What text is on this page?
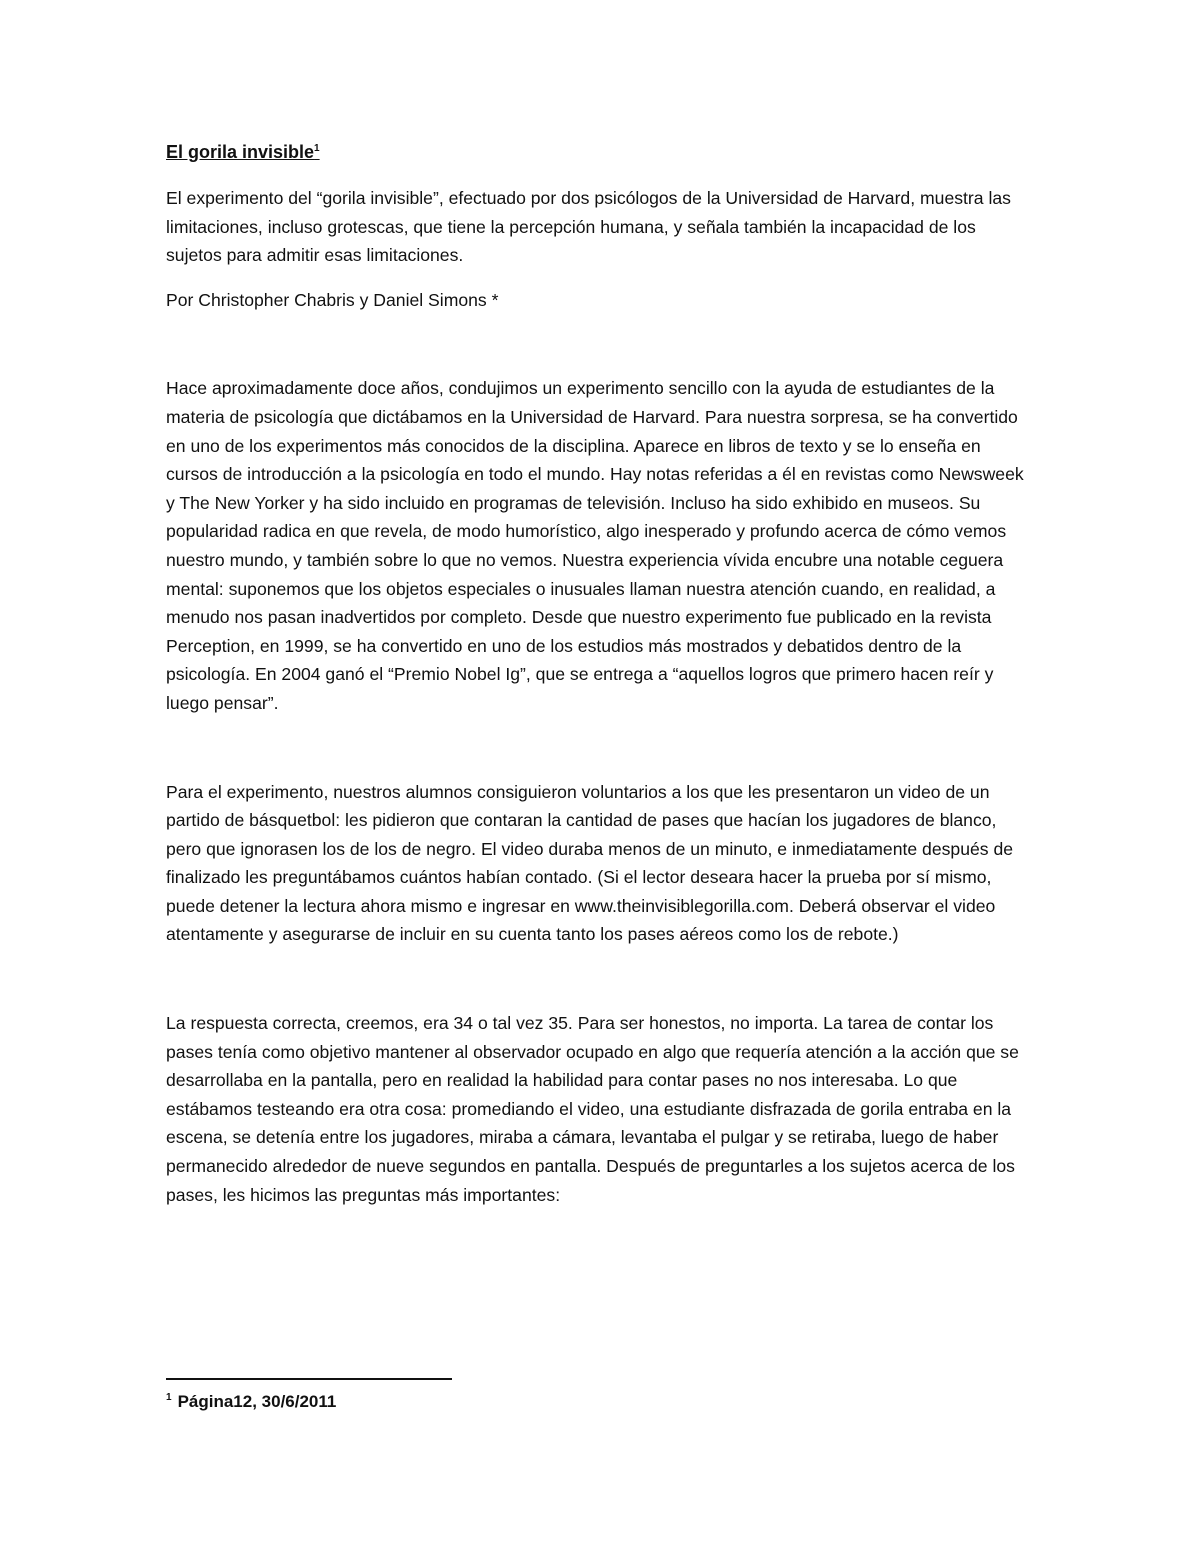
El gorila invisible$^1$

El experimento del “gorila invisible”, efectuado por dos psicólogos de la Universidad de Harvard, muestra las limitaciones, incluso grotescas, que tiene la percepción humana, y señala también la incapacidad de los sujetos para admitir esas limitaciones.

Por Christopher Chabris y Daniel Simons *

Hace aproximadamente doce años, condujimos un experimento sencillo con la ayuda de estudiantes de la materia de psicología que dictábamos en la Universidad de Harvard. Para nuestra sorpresa, se ha convertido en uno de los experimentos más conocidos de la disciplina. Aparece en libros de texto y se lo enseña en cursos de introducción a la psicología en todo el mundo. Hay notas referidas a él en revistas como Newsweek y The New Yorker y ha sido incluido en programas de televisión. Incluso ha sido exhibido en museos. Su popularidad radica en que revela, de modo humorístico, algo inesperado y profundo acerca de cómo vemos nuestro mundo, y también sobre lo que no vemos. Nuestra experiencia vívida encubre una notable ceguera mental: suponemos que los objetos especiales o inusuales llaman nuestra atención cuando, en realidad, a menudo nos pasan inadvertidos por completo. Desde que nuestro experimento fue publicado en la revista Perception, en 1999, se ha convertido en uno de los estudios más mostrados y debatidos dentro de la psicología. En 2004 ganó el “Premio Nobel Ig”, que se entrega a “aquellos logros que primero hacen reír y luego pensar”.

Para el experimento, nuestros alumnos consiguieron voluntarios a los que les presentaron un video de un partido de básquetbol: les pidieron que contaran la cantidad de pases que hacían los jugadores de blanco, pero que ignorasen los de los de negro. El video duraba menos de un minuto, e inmediatamente después de finalizado les preguntábamos cuántos habían contado. (Si el lector deseara hacer la prueba por sí mismo, puede detener la lectura ahora mismo e ingresar en www.theinvisiblegorilla.com. Deberá observar el video atentamente y asegurarse de incluir en su cuenta tanto los pases aéreos como los de rebote.)

La respuesta correcta, creemos, era 34 o tal vez 35. Para ser honestos, no importa. La tarea de contar los pases tenía como objetivo mantener al observador ocupado en algo que requería atención a la acción que se desarrollaba en la pantalla, pero en realidad la habilidad para contar pases no nos interesaba. Lo que estábamos testeando era otra cosa: promediando el video, una estudiante disfrazada de gorila entraba en la escena, se detenía entre los jugadores, miraba a cámara, levantaba el pulgar y se retiraba, luego de haber permanecido alrededor de nueve segundos en pantalla. Después de preguntarles a los sujetos acerca de los pases, les hicimos las preguntas más importantes:

$^1$ Página12, 30/6/2011
